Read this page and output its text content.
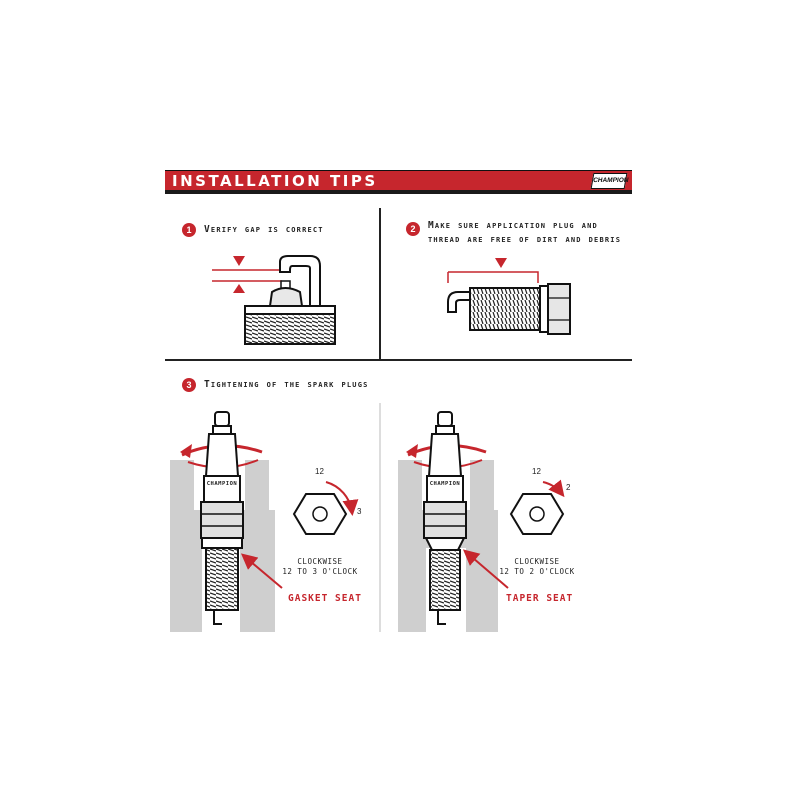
INSTALLATION TIPS	CHAMPION
1	Verify gap is correct	2	Make sure application plug and
thread are free of dirt and debris
3	Tightening of the spark plugs
CHAMPION	CHAMPION
12
3
CLOCKWISE
12 TO 3 O'CLOCK
GASKET SEAT
12
2
CLOCKWISE
12 TO 2 O'CLOCK
TAPER SEAT
